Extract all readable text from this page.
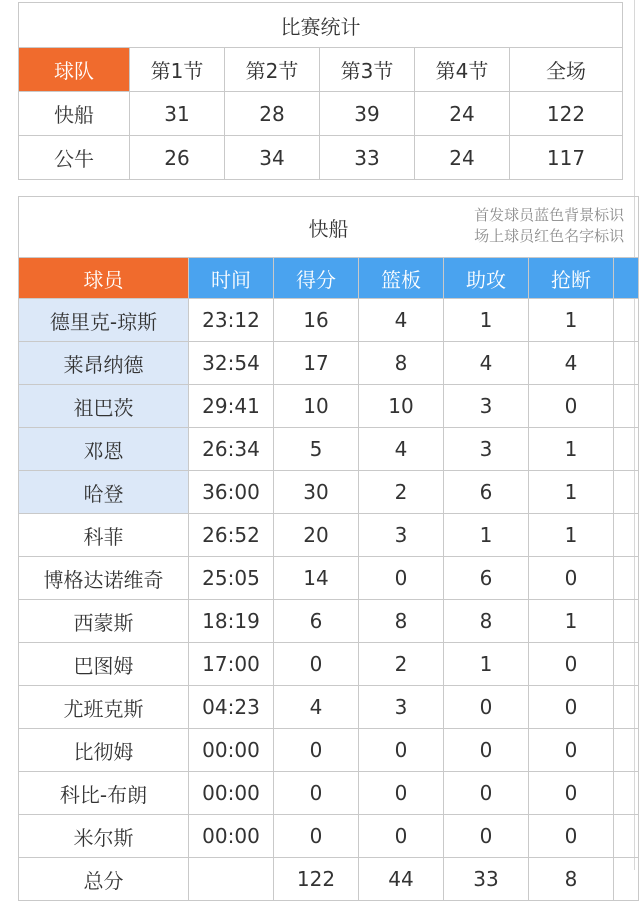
比赛统计					
球队	第1节	第2节	第3节	第4节	全场
快船	31	28	39	24	122
公牛	26	34	33	24	117
快船
首发球员蓝色背景标识
场上球员红色名字标识						

球员	时间	得分	篮板	助攻	抢断	
德里克-琼斯	23:12	16	4	1	1	
莱昂纳德	32:54	17	8	4	4	
祖巴茨	29:41	10	10	3	0	
邓恩	26:34	5	4	3	1	
哈登	36:00	30	2	6	1	
科菲	26:52	20	3	1	1	
博格达诺维奇	25:05	14	0	6	0	
西蒙斯	18:19	6	8	8	1	
巴图姆	17:00	0	2	1	0	
尤班克斯	04:23	4	3	0	0	
比彻姆	00:00	0	0	0	0	
科比-布朗	00:00	0	0	0	0	
米尔斯	00:00	0	0	0	0	
总分		122	44	33	8	
